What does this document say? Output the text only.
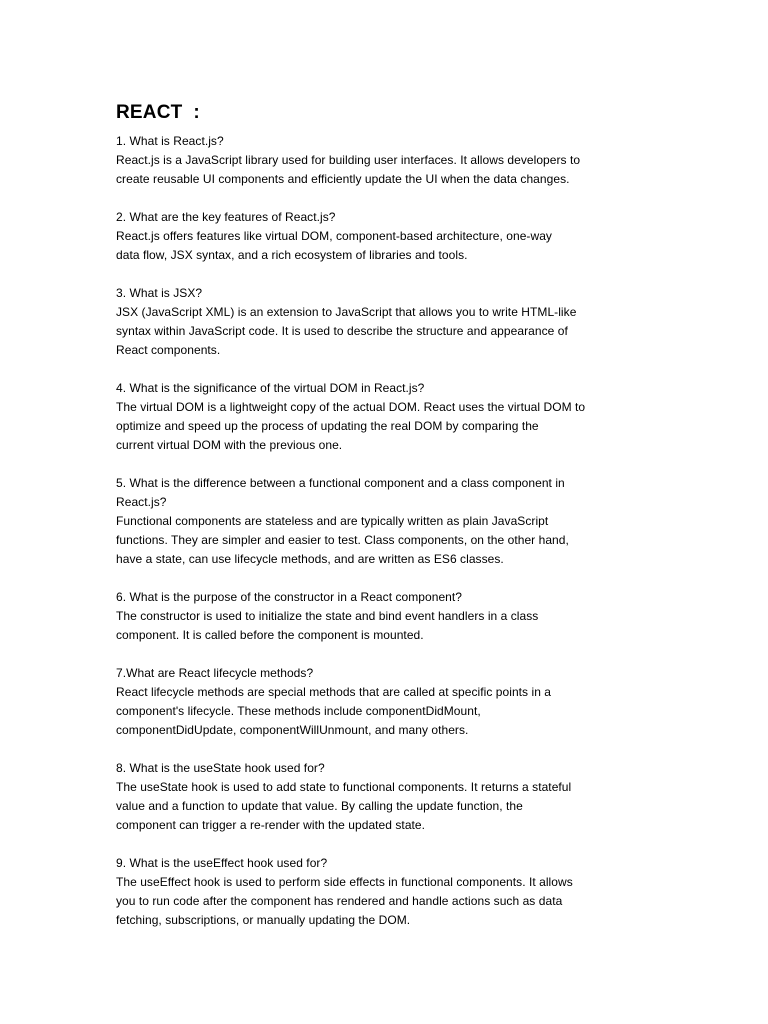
REACT  :
1. What is React.js?
React.js is a JavaScript library used for building user interfaces. It allows developers to
create reusable UI components and efficiently update the UI when the data changes.
2. What are the key features of React.js?
React.js offers features like virtual DOM, component-based architecture, one-way
data flow, JSX syntax, and a rich ecosystem of libraries and tools.
3. What is JSX?
JSX (JavaScript XML) is an extension to JavaScript that allows you to write HTML-like
syntax within JavaScript code. It is used to describe the structure and appearance of
React components.
4. What is the significance of the virtual DOM in React.js?
The virtual DOM is a lightweight copy of the actual DOM. React uses the virtual DOM to
optimize and speed up the process of updating the real DOM by comparing the
current virtual DOM with the previous one.
5. What is the difference between a functional component and a class component in
React.js?
Functional components are stateless and are typically written as plain JavaScript
functions. They are simpler and easier to test. Class components, on the other hand,
have a state, can use lifecycle methods, and are written as ES6 classes.
6. What is the purpose of the constructor in a React component?
The constructor is used to initialize the state and bind event handlers in a class
component. It is called before the component is mounted.
7.What are React lifecycle methods?
React lifecycle methods are special methods that are called at specific points in a
component's lifecycle. These methods include componentDidMount,
componentDidUpdate, componentWillUnmount, and many others.
8. What is the useState hook used for?
The useState hook is used to add state to functional components. It returns a stateful
value and a function to update that value. By calling the update function, the
component can trigger a re-render with the updated state.
9. What is the useEffect hook used for?
The useEffect hook is used to perform side effects in functional components. It allows
you to run code after the component has rendered and handle actions such as data
fetching, subscriptions, or manually updating the DOM.
